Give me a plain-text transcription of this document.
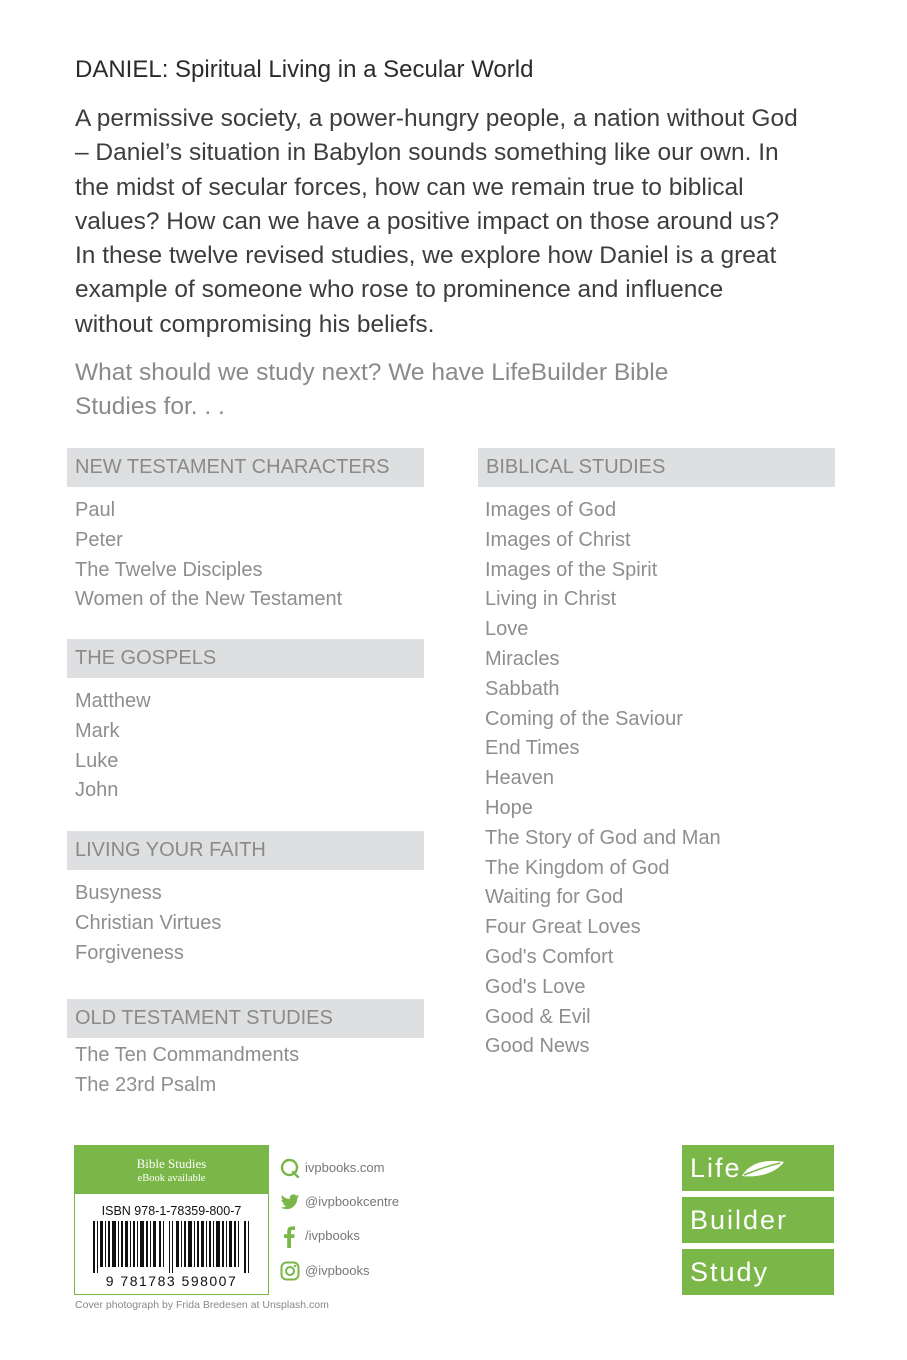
DANIEL: Spiritual Living in a Secular World

A permissive society, a power-hungry people, a nation without God – Daniel’s situation in Babylon sounds something like our own. In the midst of secular forces, how can we remain true to biblical values? How can we have a positive impact on those around us? In these twelve revised studies, we explore how Daniel is a great example of someone who rose to prominence and influence without compromising his beliefs.

What should we study next? We have LifeBuilder Bible Studies for. . .

NEW TESTAMENT CHARACTERS
Paul
Peter
The Twelve Disciples
Women of the New Testament
THE GOSPELS
Matthew
Mark
Luke
John
LIVING YOUR FAITH
Busyness
Christian Virtues
Forgiveness
OLD TESTAMENT STUDIES
The Ten Commandments
The 23rd Psalm
BIBLICAL STUDIES
Images of God
Images of Christ
Images of the Spirit
Living in Christ
Love
Miracles
Sabbath
Coming of the Saviour
End Times
Heaven
Hope
The Story of God and Man
The Kingdom of God
Waiting for God
Four Great Loves
God's Comfort
God's Love
Good & Evil
Good News
Bible Studies
eBook available
ISBN 978-1-78359-800-7
9 781783 598007
ivpbooks.com
@ivpbookcentre
/ivpbooks
@ivpbooks
Cover photograph by Frida Bredesen at Unsplash.com
Life
Builder
Study
